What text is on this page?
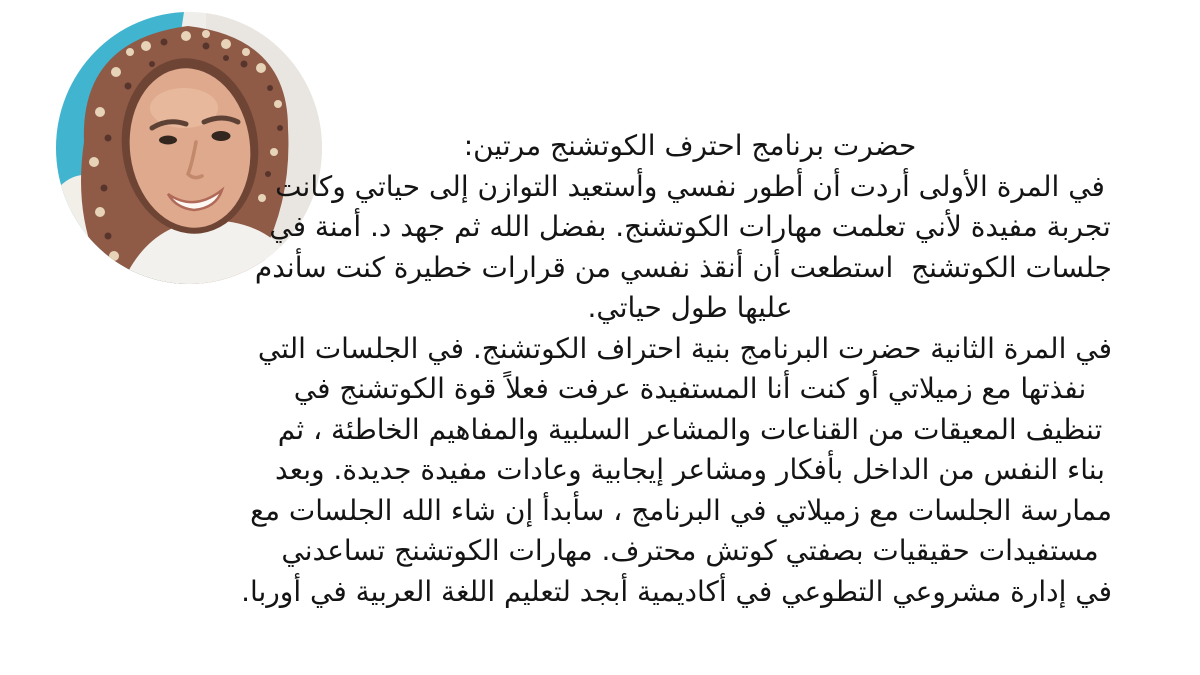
حضرت برنامج احترف الكوتشنج مرتين:
في المرة الأولى أردت أن أطور نفسي وأستعيد التوازن إلى حياتي وكانت
تجربة مفيدة لأني تعلمت مهارات الكوتشنج. بفضل الله ثم جهد د. أمنة في
جلسات الكوتشنج  استطعت أن أنقذ نفسي من قرارات خطيرة كنت سأندم
عليها طول حياتي.
في المرة الثانية حضرت البرنامج بنية احتراف الكوتشنج. في الجلسات التي
نفذتها مع زميلاتي أو كنت أنا المستفيدة عرفت فعلاً قوة الكوتشنج في
تنظيف المعيقات من القناعات والمشاعر السلبية والمفاهيم الخاطئة ، ثم
بناء النفس من الداخل بأفكار ومشاعر إيجابية وعادات مفيدة جديدة. وبعد
ممارسة الجلسات مع زميلاتي في البرنامج ، سأبدأ إن شاء الله الجلسات مع
مستفيدات حقيقيات بصفتي كوتش محترف. مهارات الكوتشنج تساعدني
في إدارة مشروعي التطوعي في أكاديمية أبجد لتعليم اللغة العربية في أوربا.
